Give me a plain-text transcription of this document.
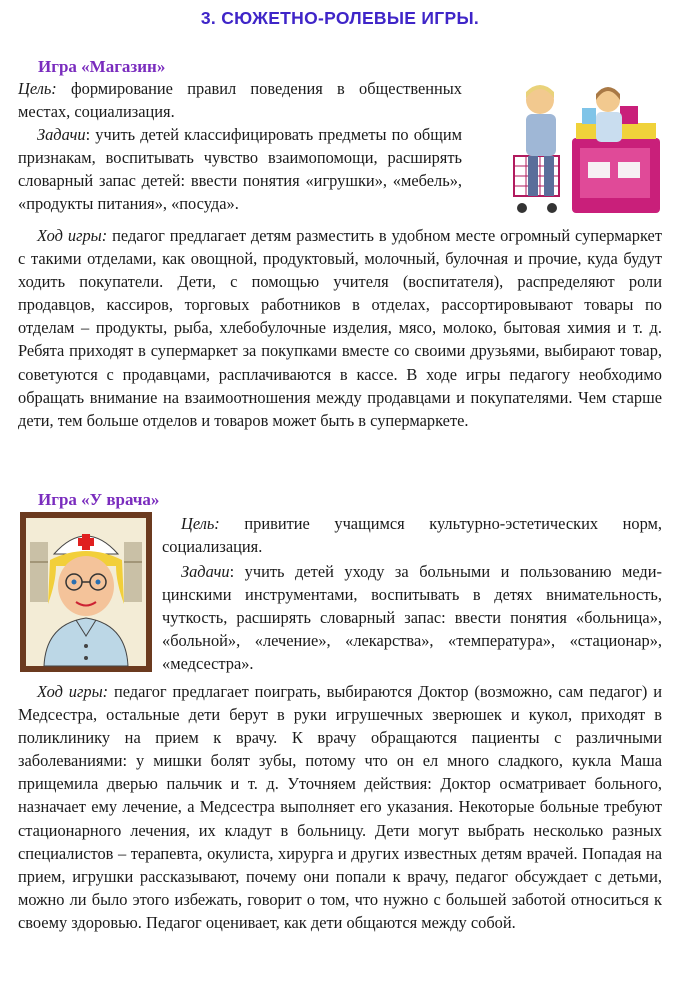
3. СЮЖЕТНО-РОЛЕВЫЕ ИГРЫ.
Игра «Магазин»

Цель: формирование правил поведения в общественных местах, социализация.

Задачи: учить детей классифицировать предметы по общим признакам, воспитывать чувство взаимопомощи, расширять словарный запас детей: ввести понятия «игрушки», «мебель», «продукты питания», «посуда».

Ход игры: педагог предлагает детям разместить в удобном месте огромный супермаркет с такими отделами, как овощной, продуктовый, молочный, булочная и прочие, куда будут ходить покупатели. Дети, с помощью учителя (воспитателя), распределяют роли продавцов, кассиров, торговых работников в отделах, рассортировывают товары по отделам – продукты, рыба, хлебобулочные изделия, мясо, молоко, бытовая химия и т. д. Ребята приходят в супермаркет за покупками вместе со своими друзьями, выбирают товар, советуются с продавцами, расплачиваются в кассе. В ходе игры педагогу необходимо обращать внимание на взаимоотношения между продавцами и покупателями. Чем старше дети, тем больше отделов и товаров может быть в супермаркете.

Игра «У врача»

Цель: привитие учащимся культурно-эстетических норм, социализация.

Задачи: учить детей уходу за больными и пользованию медицинскими инструментами, воспитывать в детях внимательность, чуткость, расширять словарный запас: ввести понятия «больница», «больной», «лечение», «лекарства», «температура», «стационар», «медсестра».

Ход игры: педагог предлагает поиграть, выбираются Доктор (возможно, сам педагог) и Медсестра, остальные дети берут в руки игрушечных зверюшек и кукол, приходят в поликлинику на прием к врачу. К врачу обращаются пациенты с различными заболеваниями: у мишки болят зубы, потому что он ел много сладкого, кукла Маша прищемила дверью пальчик и т. д. Уточняем действия: Доктор осматривает больного, назначает ему лечение, а Медсестра выполняет его указания. Некоторые больные требуют стационарного лечения, их кладут в больницу. Дети могут выбрать несколько разных специалистов – терапевта, окулиста, хирурга и других известных детям врачей. Попадая на прием, игрушки рассказывают, почему они попали к врачу, педагог обсуждает с детьми, можно ли было этого избежать, говорит о том, что нужно с большей заботой относиться к своему здоровью. Педагог оценивает, как дети общаются между собой.
